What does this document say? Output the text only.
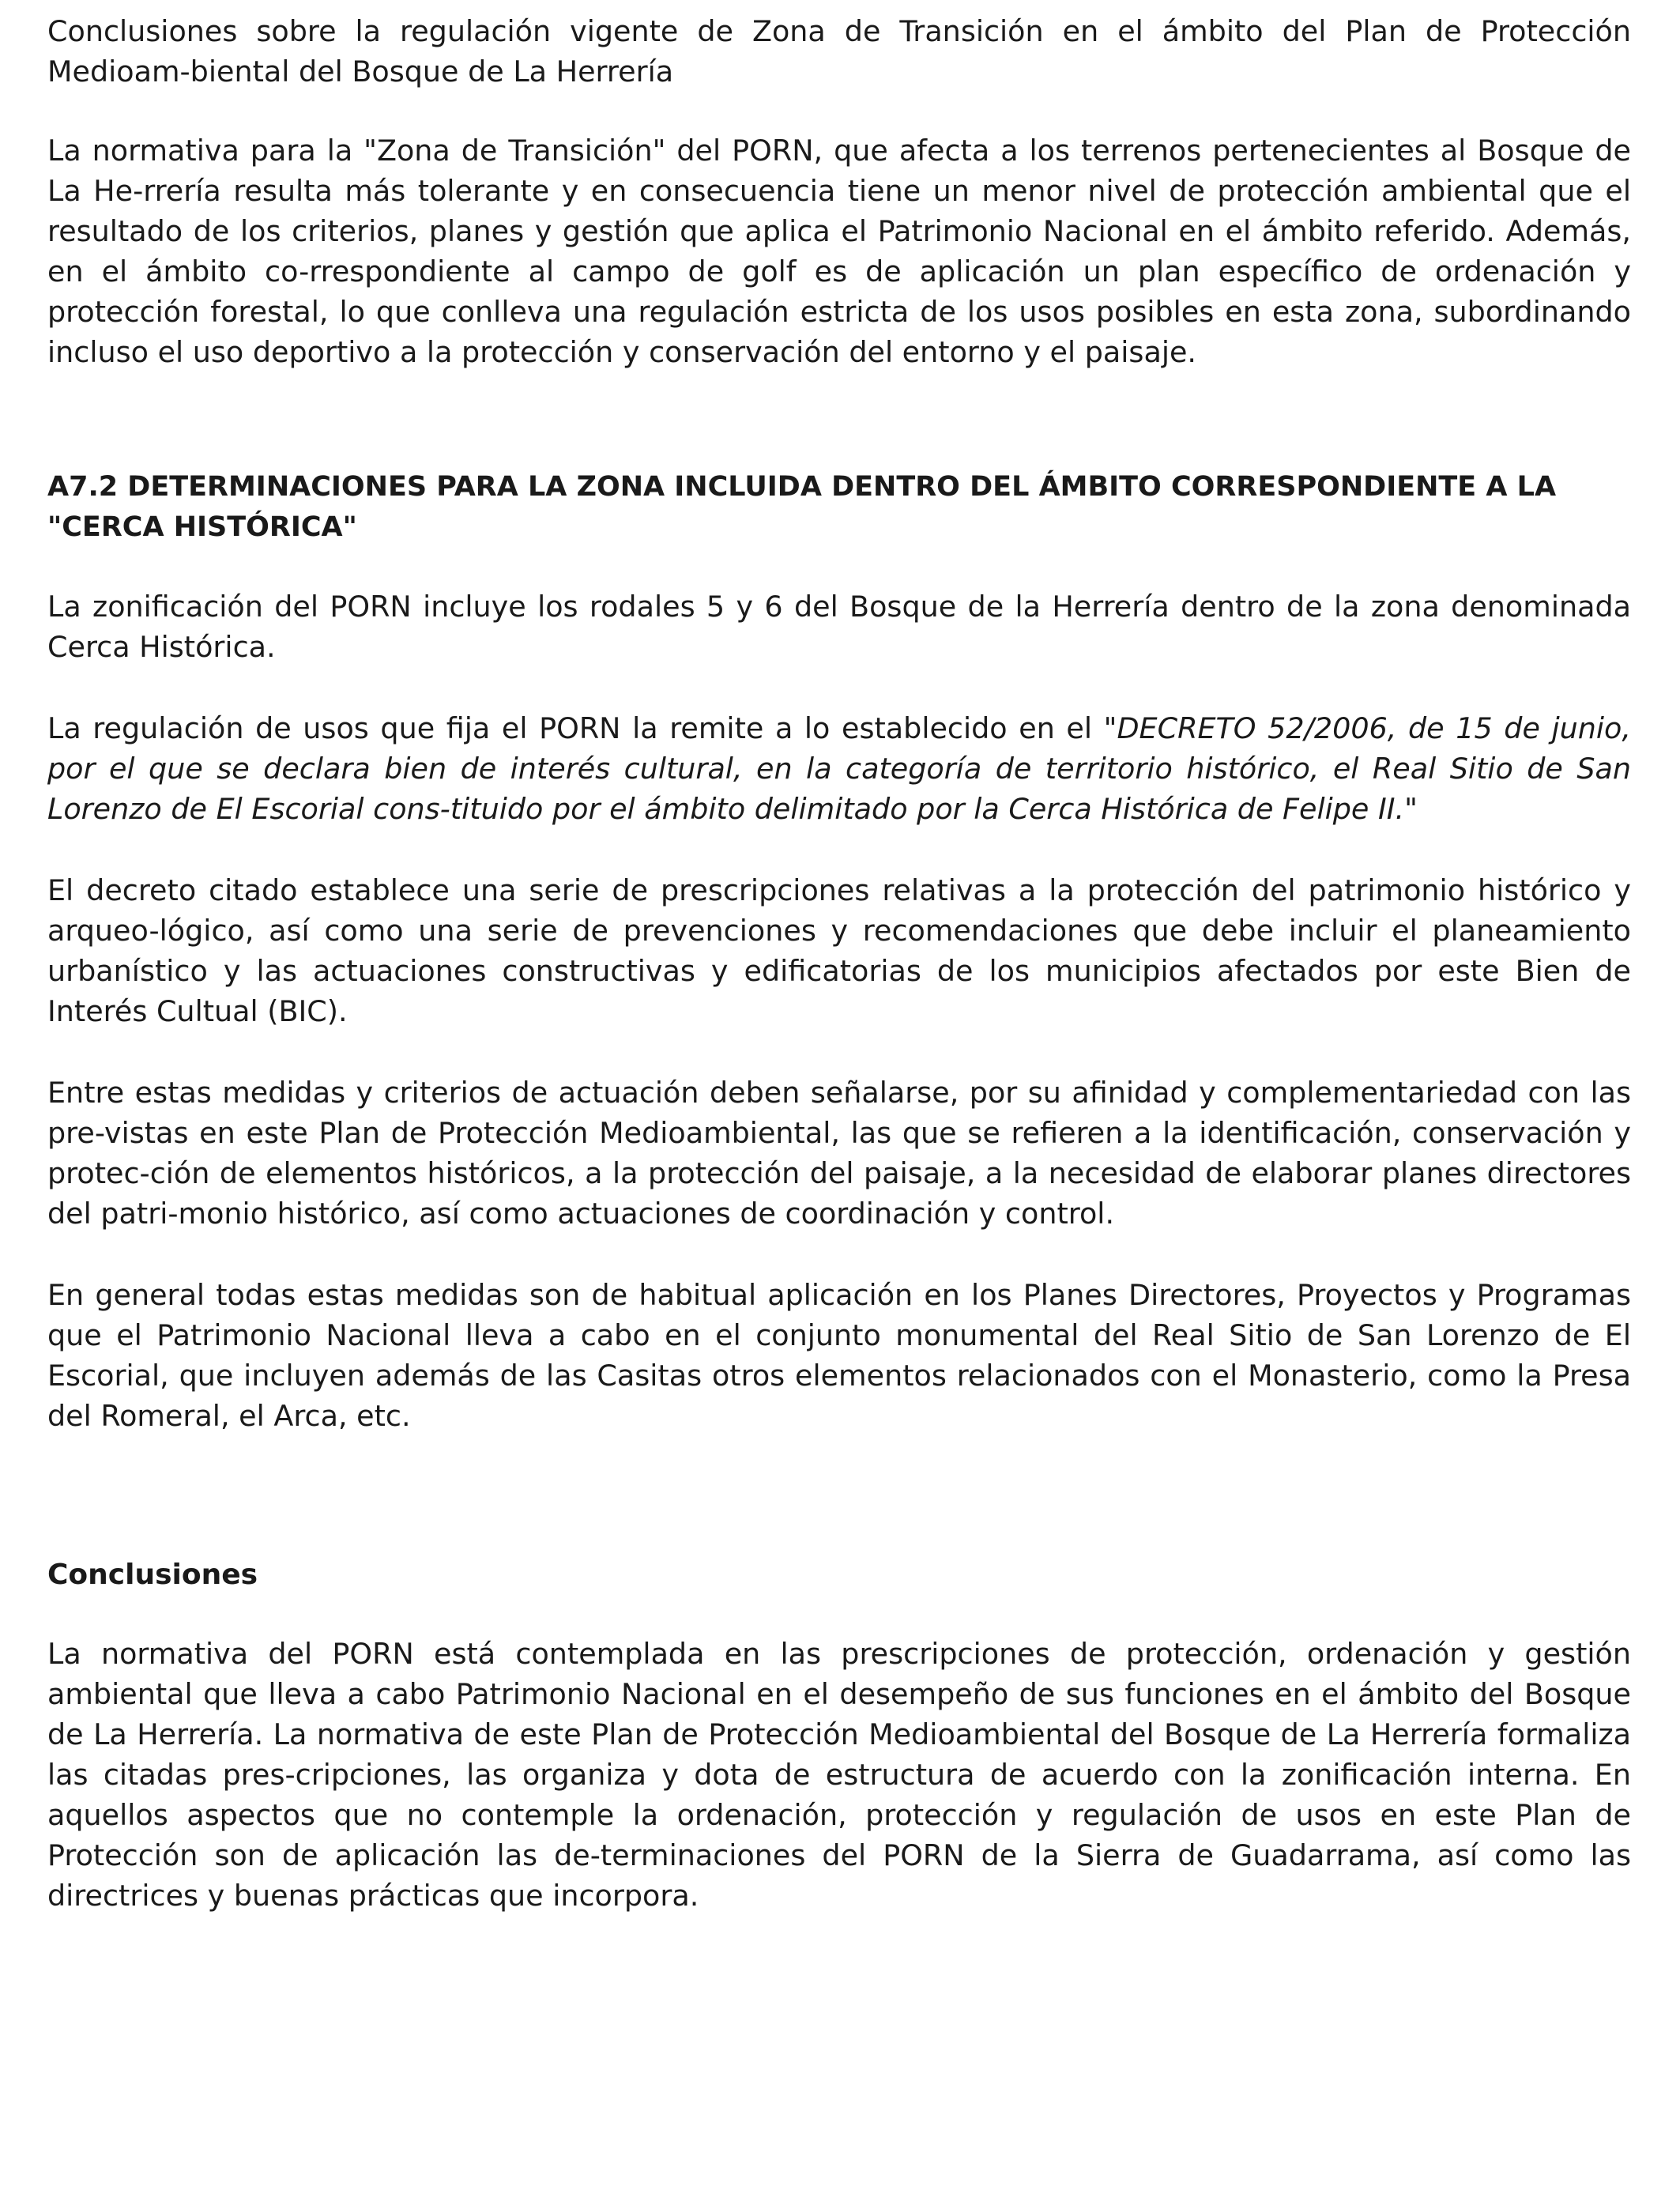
Conclusiones sobre la regulación vigente de Zona de Transición en el ámbito del Plan de Protección Medioam-biental del Bosque de La Herrería

La normativa para la "Zona de Transición" del PORN, que afecta a los terrenos pertenecientes al Bosque de La He-rrería resulta más tolerante y en consecuencia tiene un menor nivel de protección ambiental que el resultado de los criterios, planes y gestión que aplica el Patrimonio Nacional en el ámbito referido. Además, en el ámbito co-rrespondiente al campo de golf es de aplicación un plan específico de ordenación y protección forestal, lo que conlleva una regulación estricta de los usos posibles en esta zona, subordinando incluso el uso deportivo a la protección y conservación del entorno y el paisaje.

A7.2 DETERMINACIONES PARA LA ZONA INCLUIDA DENTRO DEL ÁMBITO CORRESPONDIENTE A LA "CERCA HISTÓRICA"

La zonificación del PORN incluye los rodales 5 y 6 del Bosque de la Herrería dentro de la zona denominada Cerca Histórica.

La regulación de usos que fija el PORN la remite a lo establecido en el "DECRETO 52/2006, de 15 de junio, por el que se declara bien de interés cultural, en la categoría de territorio histórico, el Real Sitio de San Lorenzo de El Escorial cons-tituido por el ámbito delimitado por la Cerca Histórica de Felipe II."

El decreto citado establece una serie de prescripciones relativas a la protección del patrimonio histórico y arqueo-lógico, así como una serie de prevenciones y recomendaciones que debe incluir el planeamiento urbanístico y las actuaciones constructivas y edificatorias de los municipios afectados por este Bien de Interés Cultual (BIC).

Entre estas medidas y criterios de actuación deben señalarse, por su afinidad y complementariedad con las pre-vistas en este Plan de Protección Medioambiental, las que se refieren a la identificación, conservación y protec-ción de elementos históricos, a la protección del paisaje, a la necesidad de elaborar planes directores del patri-monio histórico, así como actuaciones de coordinación y control.

En general todas estas medidas son de habitual aplicación en los Planes Directores, Proyectos y Programas que el Patrimonio Nacional lleva a cabo en el conjunto monumental del Real Sitio de San Lorenzo de El Escorial, que incluyen además de las Casitas otros elementos relacionados con el Monasterio, como la Presa del Romeral, el Arca, etc.

Conclusiones

La normativa del PORN está contemplada en las prescripciones de protección, ordenación y gestión ambiental que lleva a cabo Patrimonio Nacional en el desempeño de sus funciones en el ámbito del Bosque de La Herrería. La normativa de este Plan de Protección Medioambiental del Bosque de La Herrería formaliza las citadas pres-cripciones, las organiza y dota de estructura de acuerdo con la zonificación interna. En aquellos aspectos que no contemple la ordenación, protección y regulación de usos en este Plan de Protección son de aplicación las de-terminaciones del PORN de la Sierra de Guadarrama, así como las directrices y buenas prácticas que incorpora.
